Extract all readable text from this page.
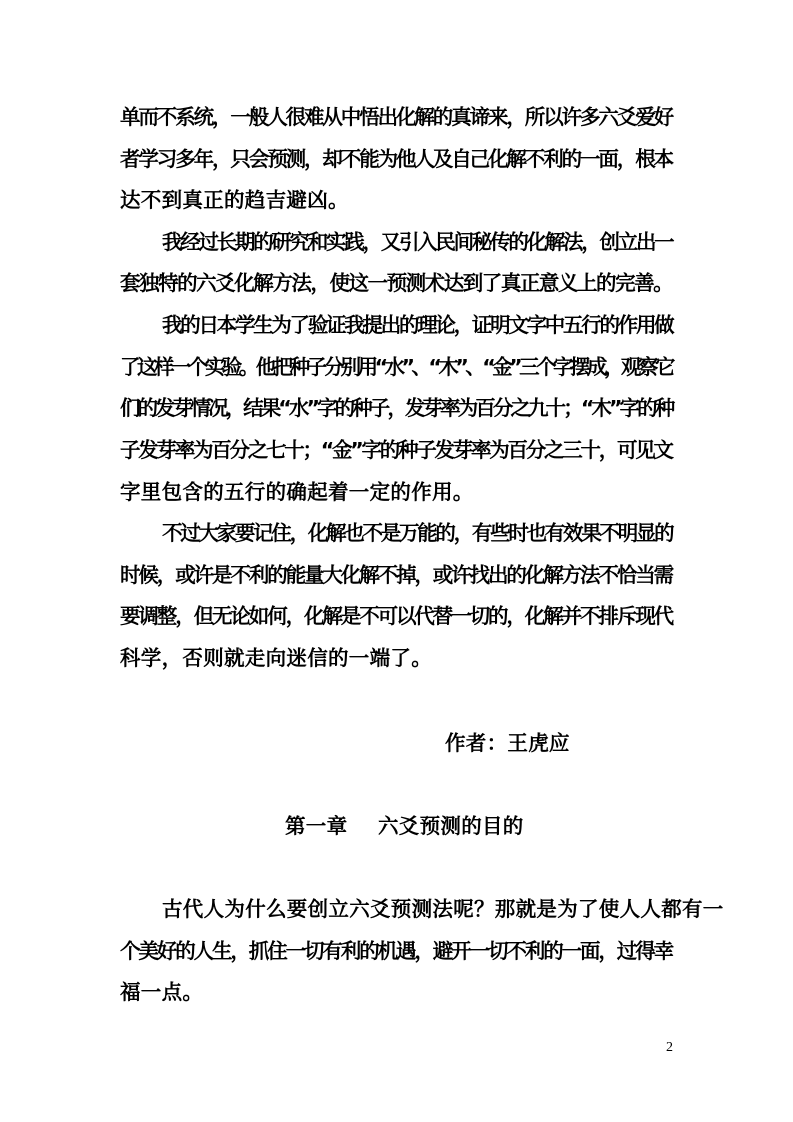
单而不系统，一般人很难从中悟出化解的真谛来，所以许多六爻爱好
者学习多年，只会预测，却不能为他人及自己化解不利的一面，根本
达不到真正的趋吉避凶。
我经过长期的研究和实践，又引入民间秘传的化解法，创立出一
套独特的六爻化解方法，使这一预测术达到了真正意义上的完善。
我的日本学生为了验证我提出的理论，证明文字中五行的作用做
了这样一个实验。他把种子分别用“水”、“木”、“金”三个字摆成，观察它
们的发芽情况，结果“水”字的种子，发芽率为百分之九十；“木”字的种
子发芽率为百分之七十；“金”字的种子发芽率为百分之三十，可见文
字里包含的五行的确起着一定的作用。
不过大家要记住，化解也不是万能的，有些时也有效果不明显的
时候，或许是不利的能量大化解不掉，或许找出的化解方法不恰当需
要调整，但无论如何，化解是不可以代替一切的，化解并不排斥现代
科学，否则就走向迷信的一端了。
作者：王虎应
第一章 六爻预测的目的
古代人为什么要创立六爻预测法呢？那就是为了使人人都有一
个美好的人生，抓住一切有利的机遇，避开一切不利的一面，过得幸
福一点。
2
